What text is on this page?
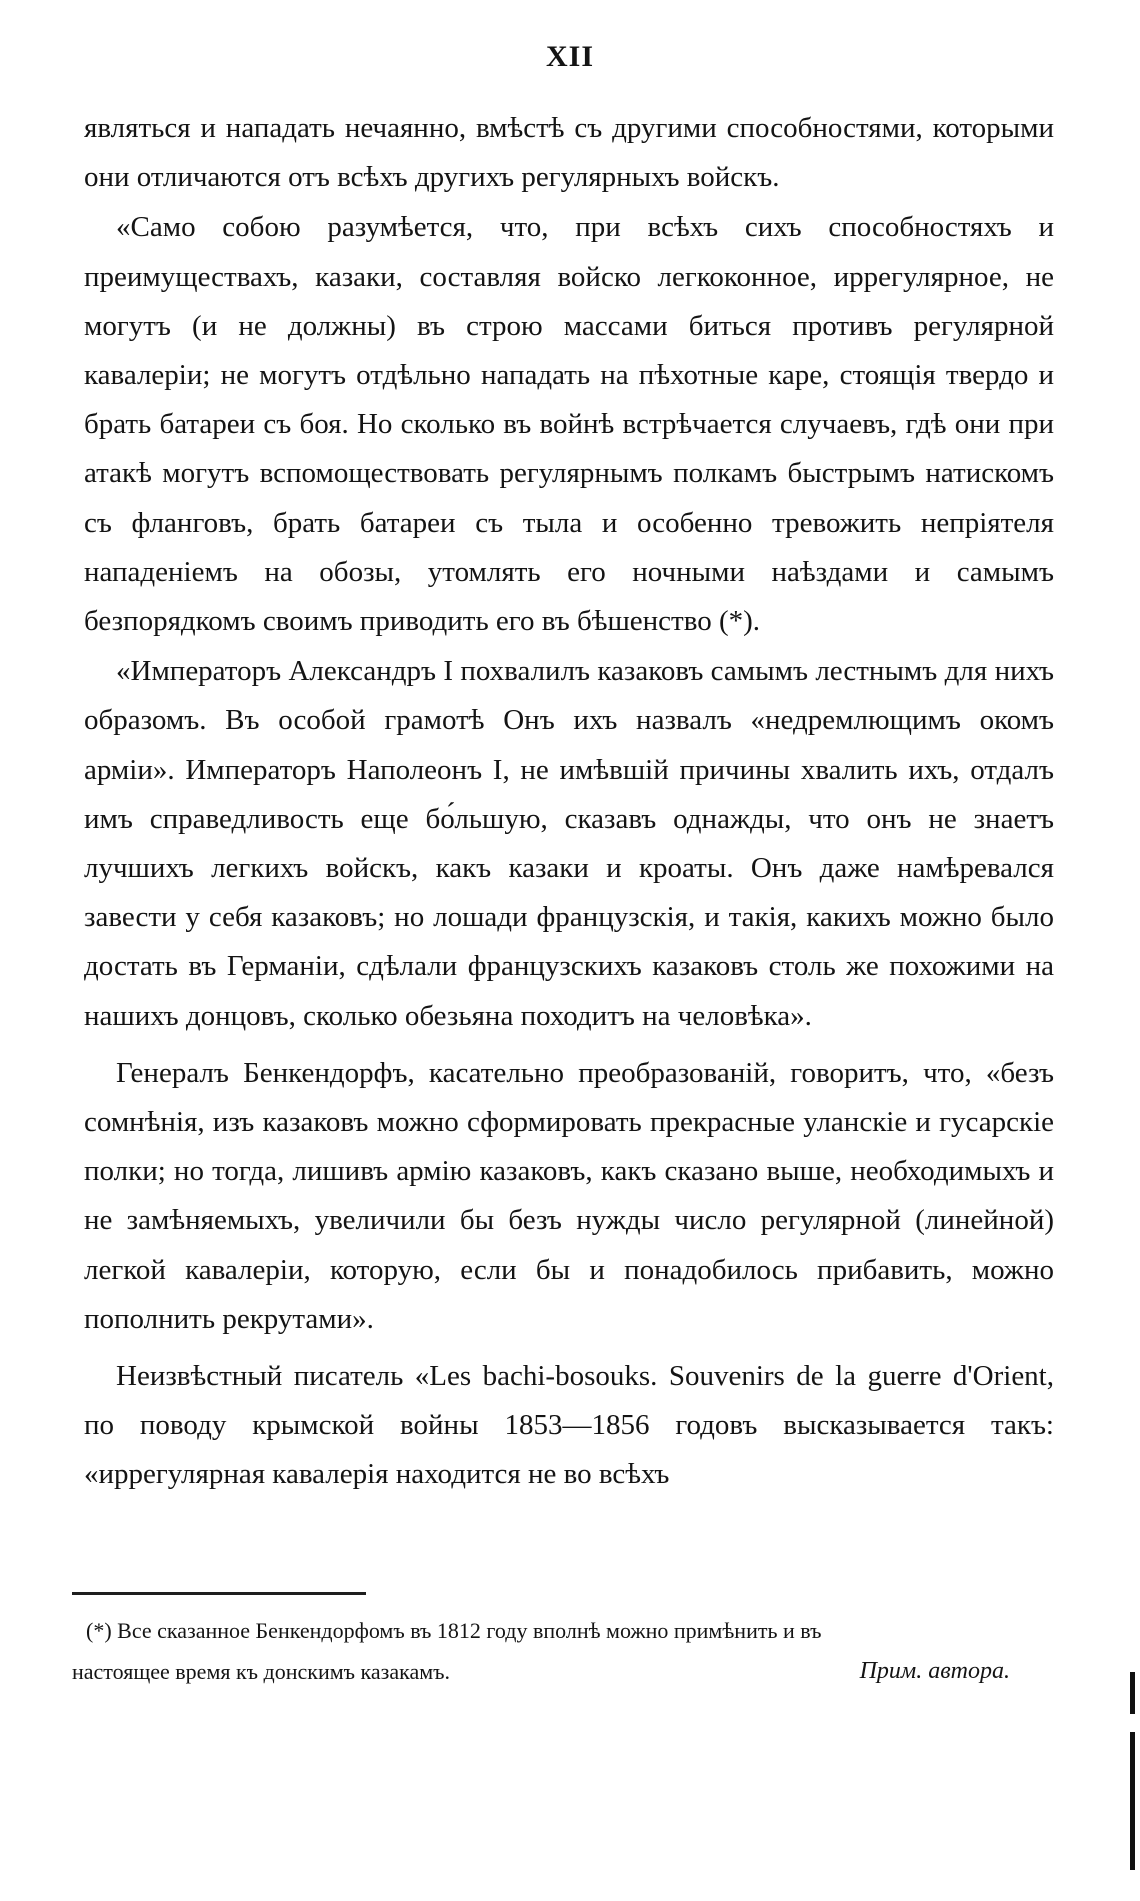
XII

являться и нападать нечаянно, вмѣстѣ съ другими способностями, которыми они отличаются отъ всѣхъ другихъ регулярныхъ войскъ.

«Само собою разумѣется, что, при всѣхъ сихъ способностяхъ и преимуществахъ, казаки, составляя войско легкоконное, иррегулярное, не могутъ (и не должны) въ строю массами биться противъ регулярной кавалеріи; не могутъ отдѣльно нападать на пѣхотные каре, стоящія твердо и брать батареи съ боя. Но сколько въ войнѣ встрѣчается случаевъ, гдѣ они при атакѣ могутъ вспомоществовать регулярнымъ полкамъ быстрымъ натискомъ съ фланговъ, брать батареи съ тыла и особенно тревожить непріятеля нападеніемъ на обозы, утомлять его ночными наѣздами и самымъ безпорядкомъ своимъ приводить его въ бѣшенство (*).

«Императоръ Александръ I похвалилъ казаковъ самымъ лестнымъ для нихъ образомъ. Въ особой грамотѣ Онъ ихъ назвалъ «недремлющимъ окомъ арміи». Императоръ Наполеонъ I, не имѣвшій причины хвалить ихъ, отдалъ имъ справедливость еще бо́льшую, сказавъ однажды, что онъ не знаетъ лучшихъ легкихъ войскъ, какъ казаки и кроаты. Онъ даже намѣревался завести у себя казаковъ; но лошади французскія, и такія, какихъ можно было достать въ Германіи, сдѣлали французскихъ казаковъ столь же похожими на нашихъ донцовъ, сколько обезьяна походитъ на человѣка».

Генералъ Бенкендорфъ, касательно преобразованій, говоритъ, что, «безъ сомнѣнія, изъ казаковъ можно сформировать прекрасные уланскіе и гусарскіе полки; но тогда, лишивъ армію казаковъ, какъ сказано выше, необходимыхъ и не замѣняемыхъ, увеличили бы безъ нужды число регулярной (линейной) легкой кавалеріи, которую, если бы и понадобилось прибавить, можно пополнить рекрутами».

Неизвѣстный писатель «Les bachi-bosouks. Souvenirs de la guerre d'Orient, по поводу крымской войны 1853—1856 годовъ высказывается такъ: «иррегулярная кавалерія находится не во всѣхъ

(*) Все сказанное Бенкендорфомъ въ 1812 году вполнѣ можно примѣнить и въ
настоящее время къ донскимъ казакамъ.	Прим. автора.
